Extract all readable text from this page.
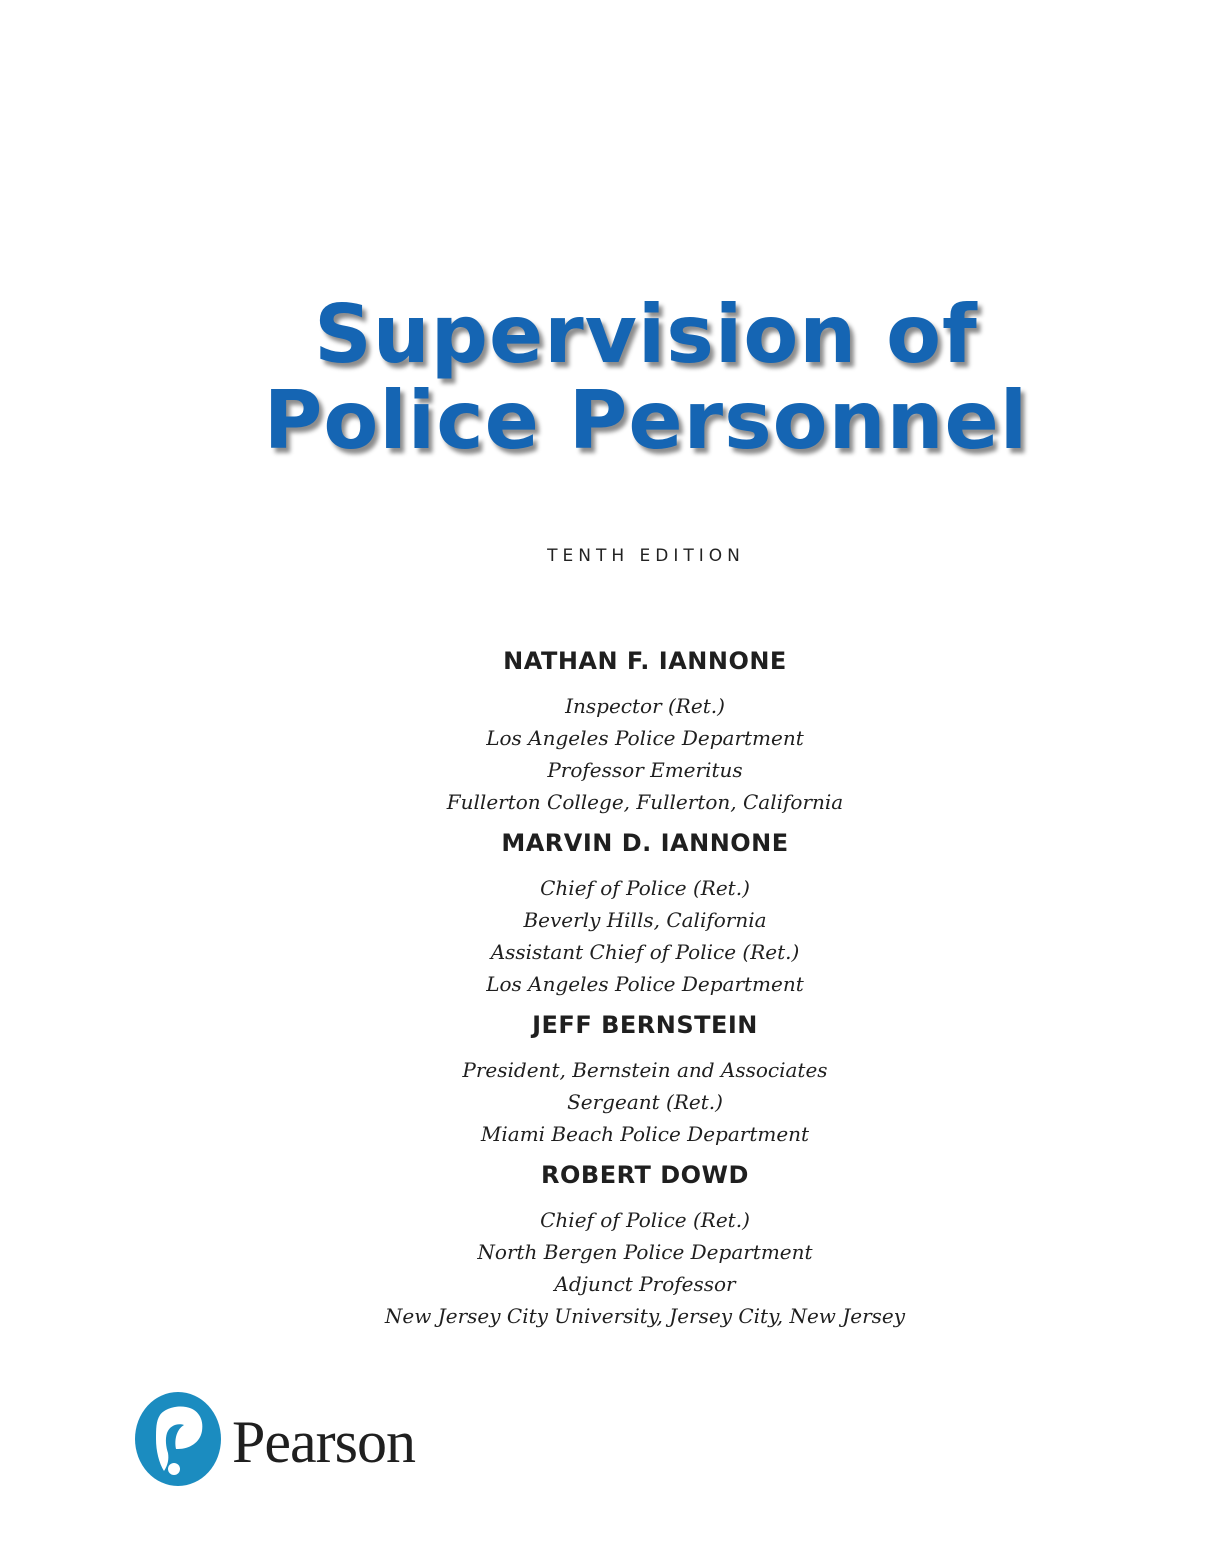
Supervision of
Police Personnel
TENTH EDITION
NATHAN F. IANNONE
Inspector (Ret.)
Los Angeles Police Department
Professor Emeritus
Fullerton College, Fullerton, California
MARVIN D. IANNONE
Chief of Police (Ret.)
Beverly Hills, California
Assistant Chief of Police (Ret.)
Los Angeles Police Department
JEFF BERNSTEIN
President, Bernstein and Associates
Sergeant (Ret.)
Miami Beach Police Department
ROBERT DOWD
Chief of Police (Ret.)
North Bergen Police Department
Adjunct Professor
New Jersey City University, Jersey City, New Jersey
Pearson
